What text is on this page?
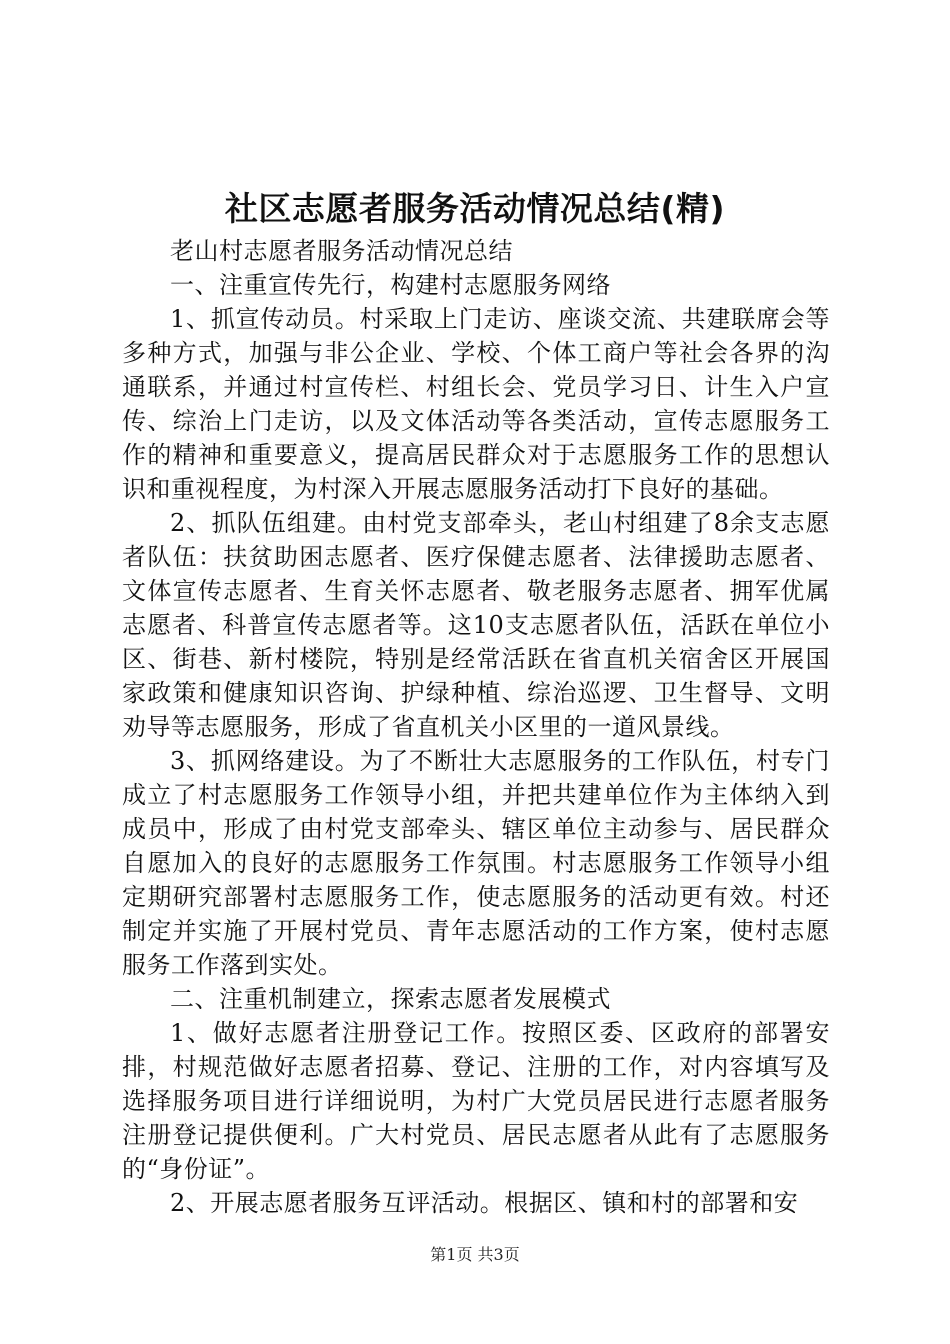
社区志愿者服务活动情况总结(精)

老山村志愿者服务活动情况总结

一、注重宣传先行，构建村志愿服务网络

1、抓宣传动员。村采取上门走访、座谈交流、共建联席会等多种方式，加强与非公企业、学校、个体工商户等社会各界的沟通联系，并通过村宣传栏、村组长会、党员学习日、计生入户宣传、综治上门走访，以及文体活动等各类活动，宣传志愿服务工作的精神和重要意义，提高居民群众对于志愿服务工作的思想认识和重视程度，为村深入开展志愿服务活动打下良好的基础。

2、抓队伍组建。由村党支部牵头，老山村组建了8余支志愿者队伍：扶贫助困志愿者、医疗保健志愿者、法律援助志愿者、文体宣传志愿者、生育关怀志愿者、敬老服务志愿者、拥军优属志愿者、科普宣传志愿者等。这10支志愿者队伍，活跃在单位小区、街巷、新村楼院，特别是经常活跃在省直机关宿舍区开展国家政策和健康知识咨询、护绿种植、综治巡逻、卫生督导、文明劝导等志愿服务，形成了省直机关小区里的一道风景线。

3、抓网络建设。为了不断壮大志愿服务的工作队伍，村专门成立了村志愿服务工作领导小组，并把共建单位作为主体纳入到成员中，形成了由村党支部牵头、辖区单位主动参与、居民群众自愿加入的良好的志愿服务工作氛围。村志愿服务工作领导小组定期研究部署村志愿服务工作，使志愿服务的活动更有效。村还制定并实施了开展村党员、青年志愿活动的工作方案，使村志愿服务工作落到实处。

二、注重机制建立，探索志愿者发展模式

1、做好志愿者注册登记工作。按照区委、区政府的部署安排，村规范做好志愿者招募、登记、注册的工作，对内容填写及选择服务项目进行详细说明，为村广大党员居民进行志愿者服务注册登记提供便利。广大村党员、居民志愿者从此有了志愿服务的“身份证”。

2、开展志愿者服务互评活动。根据区、镇和村的部署和安

第1页 共3页
